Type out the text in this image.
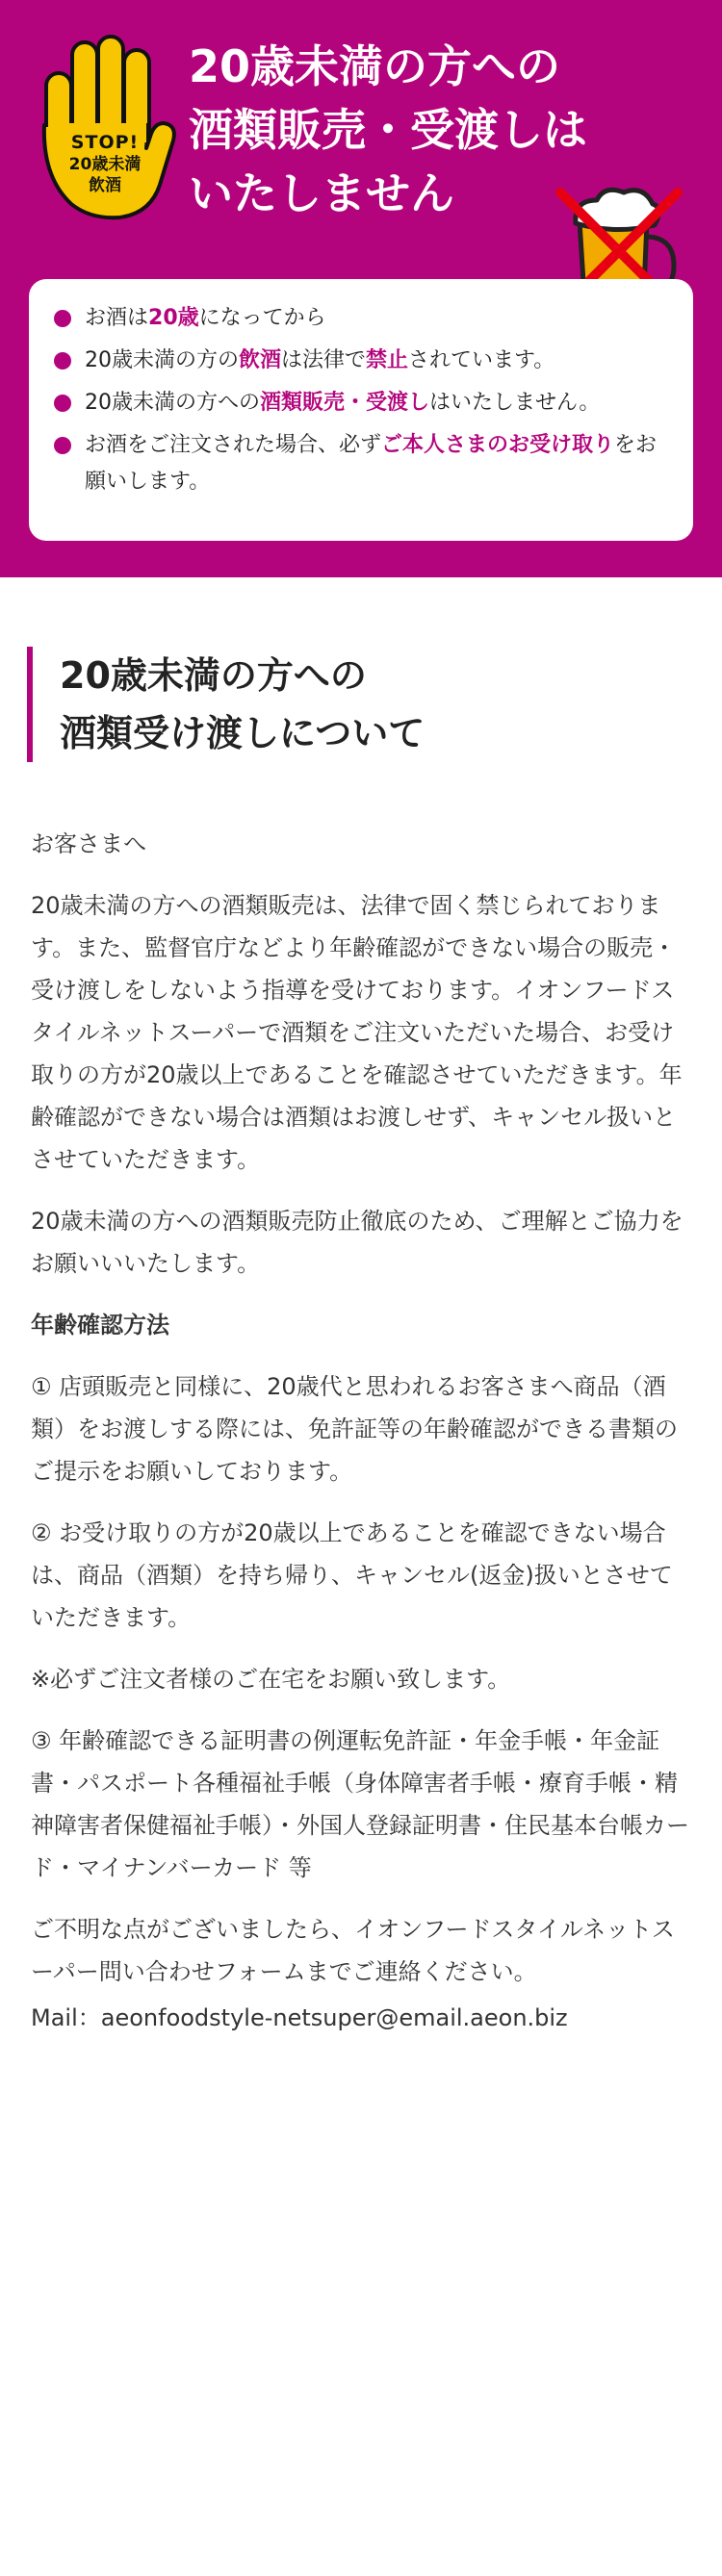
STOP!
20歳未満
飲酒
20歳未満の方への
酒類販売・受渡しは
いたしません
お酒は20歳になってから
20歳未満の方の飲酒は法律で禁止されています。
20歳未満の方への酒類販売・受渡しはいたしません。
お酒をご注文された場合、必ずご本人さまのお受け取りをお願いします。
20歳未満の方への
酒類受け渡しについて

お客さまへ

20歳未満の方への酒類販売は、法律で固く禁じられております。また、監督官庁などより年齢確認ができない場合の販売・受け渡しをしないよう指導を受けております。イオンフードスタイルネットスーパーで酒類をご注文いただいた場合、お受け取りの方が20歳以上であることを確認させていただきます。年齢確認ができない場合は酒類はお渡しせず、キャンセル扱いとさせていただきます。

20歳未満の方への酒類販売防止徹底のため、ご理解とご協力をお願いいいたします。

年齢確認方法

① 店頭販売と同様に、20歳代と思われるお客さまへ商品（酒類）をお渡しする際には、免許証等の年齢確認ができる書類のご提示をお願いしております。

② お受け取りの方が20歳以上であることを確認できない場合は、商品（酒類）を持ち帰り、キャンセル(返金)扱いとさせていただきます。

※必ずご注文者様のご在宅をお願い致します。

③ 年齢確認できる証明書の例運転免許証・年金手帳・年金証書・パスポート各種福祉手帳（身体障害者手帳・療育手帳・精神障害者保健福祉手帳）・外国人登録証明書・住民基本台帳カード・マイナンバーカード 等

ご不明な点がございましたら、イオンフードスタイルネットスーパー問い合わせフォームまでご連絡ください。

Mail：aeonfoodstyle-netsuper@email.aeon.biz
